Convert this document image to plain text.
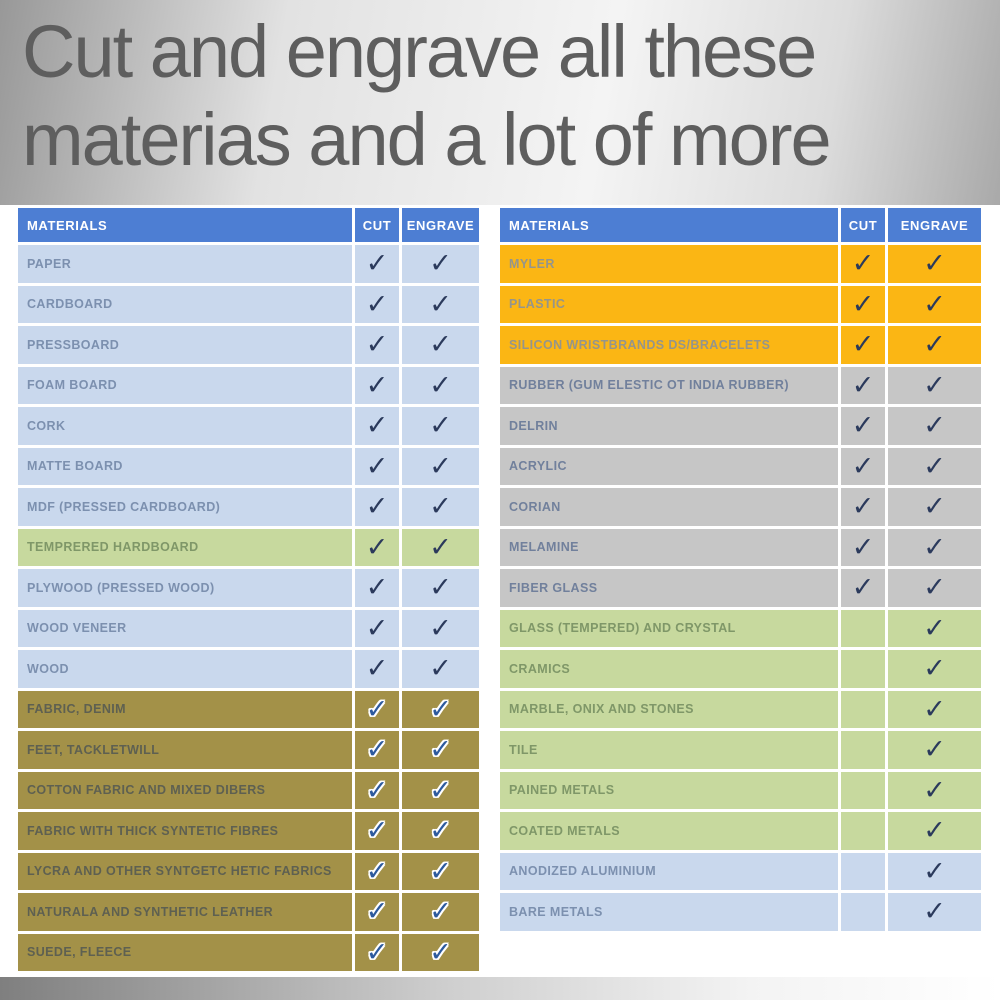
Cut and engrave all these
materias and a lot of more
MATERIALS	CUT	ENGRAVE
PAPER	✓	✓
CARDBOARD	✓	✓
PRESSBOARD	✓	✓
FOAM BOARD	✓	✓
CORK	✓	✓
MATTE BOARD	✓	✓
MDF (PRESSED CARDBOARD)	✓	✓
TEMPRERED HARDBOARD	✓	✓
PLYWOOD (PRESSED WOOD)	✓	✓
WOOD VENEER	✓	✓
WOOD	✓	✓
FABRIC, DENIM	✓	✓
FEET, TACKLETWILL	✓	✓
COTTON FABRIC AND MIXED DIBERS	✓	✓
FABRIC WITH THICK SYNTETIC FIBRES	✓	✓
LYCRA AND OTHER SYNTGETC HETIC FABRICS	✓	✓
NATURALA AND SYNTHETIC LEATHER	✓	✓
SUEDE, FLEECE	✓	✓
MATERIALS	CUT	ENGRAVE
MYLER	✓	✓
PLASTIC	✓	✓
SILICON WRISTBRANDS DS/BRACELETS	✓	✓
RUBBER (GUM ELESTIC OT INDIA RUBBER)	✓	✓
DELRIN	✓	✓
ACRYLIC	✓	✓
CORIAN	✓	✓
MELAMINE	✓	✓
FIBER GLASS	✓	✓
GLASS (TEMPERED) AND CRYSTAL		✓
CRAMICS		✓
MARBLE, ONIX AND STONES		✓
TILE		✓
PAINED METALS		✓
COATED METALS		✓
ANODIZED ALUMINIUM		✓
BARE METALS		✓
